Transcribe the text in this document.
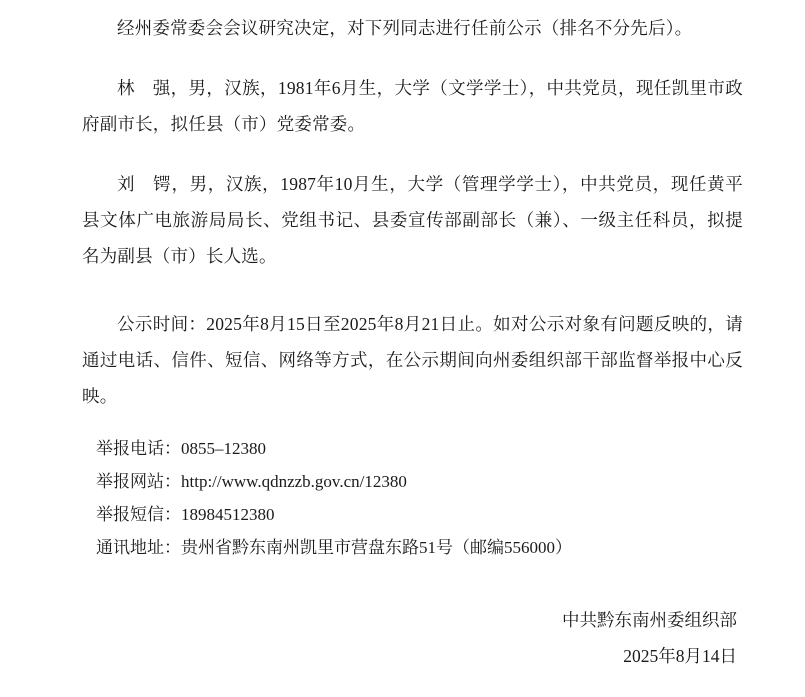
经州委常委会会议研究决定，对下列同志进行任前公示（排名不分先后）。

林　强，男，汉族，1981年6月生，大学（文学学士），中共党员，现任凯里市政府副市长，拟任县（市）党委常委。

刘　锷，男，汉族，1987年10月生，大学（管理学学士），中共党员，现任黄平县文体广电旅游局局长、党组书记、县委宣传部副部长（兼）、一级主任科员，拟提名为副县（市）长人选。

公示时间：2025年8月15日至2025年8月21日止。如对公示对象有问题反映的，请通过电话、信件、短信、网络等方式，在公示期间向州委组织部干部监督举报中心反映。

举报电话：0855–12380
举报网站：http://www.qdnzzb.gov.cn/12380
举报短信：18984512380
通讯地址：贵州省黔东南州凯里市营盘东路51号（邮编556000）
中共黔东南州委组织部
2025年8月14日
